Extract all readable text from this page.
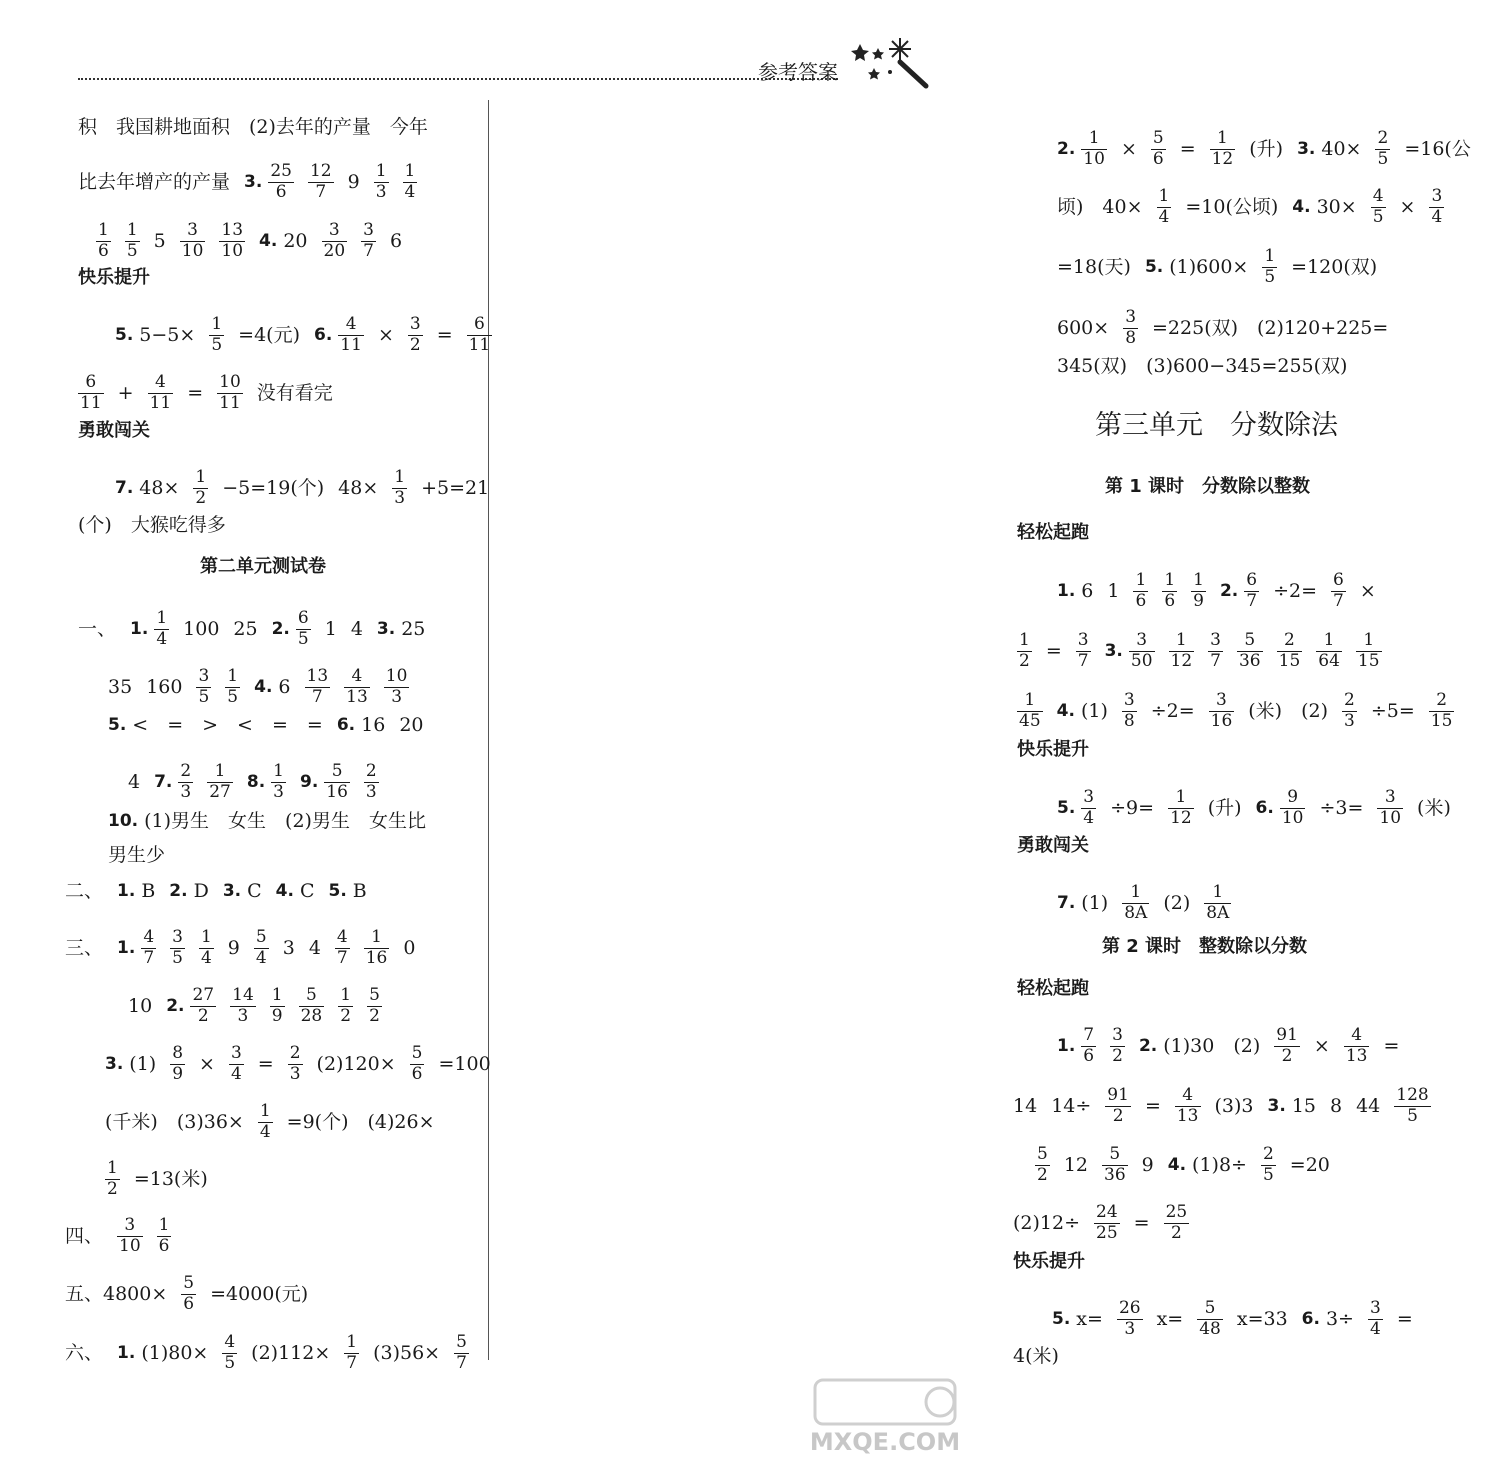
参考答案
积　我国耕地面积　(2)去年的产量　今年
比去年增产的产量 3. $\frac{25}{6} \frac{12}{7} 9 \frac{1}{3} \frac{1}{4}$
$\frac{1}{6} \frac{1}{5} 5 \frac{3}{10} \frac{13}{10} 4$. $20 \frac{3}{20} \frac{3}{7} 6$
快乐提升
5. $5-5\times \frac{1}{5} =4$(元) 6. $\frac{4}{11} \times \frac{3}{2} = \frac{6}{11}$
$\frac{6}{11} + \frac{4}{11} = \frac{10}{11}$ 没有看完
勇敢闯关
7. $48\times \frac{1}{2} -5=19$(个) $48\times \frac{1}{3} +5=21$
(个)　大猴吃得多
第二单元测试卷
一、 1. $\frac{1}{4} 100$ 25 2. $\frac{6}{5} 1$ 4 3. 25
35 $160 \frac{3}{5} \frac{1}{5} 4$. $6 \frac{13}{7} \frac{4}{13} \frac{10}{3}$
5. <　=　>　<　=　= 6. 16 20
4 7. $\frac{2}{3} \frac{1}{27} 8$. $\frac{1}{3} 9$. $\frac{5}{16} \frac{2}{3}$
10. (1)男生　女生　(2)男生　女生比
男生少
二、 1. B 2. D 3. C 4. C 5. B
三、 1. $\frac{4}{7} \frac{3}{5} \frac{1}{4} 9 \frac{5}{4} 3$ $4 \frac{4}{7} \frac{1}{16} 0$
10 2. $\frac{27}{2} \frac{14}{3} \frac{1}{9} \frac{5}{28} \frac{1}{2} \frac{5}{2}$
3. $(1) \frac{8}{9} \times \frac{3}{4} = \frac{2}{3} (2)120\times \frac{5}{6} =100$
(千米)　$(3)36\times \frac{1}{4} =9$(个)　(4)26×
$\frac{1}{2} =13$(米)
四、 $\frac{3}{10} \frac{1}{6}$
五、$4800\times \frac{5}{6} =4000$(元)
六、 1. $(1)80\times \frac{4}{5} (2)112\times \frac{1}{7} (3)56\times \frac{5}{7}$
2. $\frac{1}{10} \times \frac{5}{6} = \frac{1}{12}$ (升) 3. $40\times \frac{2}{5} =16$(公
顷)　$40\times \frac{1}{4} =10$(公顷) 4. $30\times \frac{4}{5} \times \frac{3}{4}$
=18(天) 5. $(1)600\times \frac{1}{5} =120$(双)
$600\times \frac{3}{8} =225$(双)　(2)120+225=
345(双)　(3)600−345=255(双)
第三单元　分数除法
第 1 课时　分数除以整数
轻松起跑
1. 6 $1 \frac{1}{6} \frac{1}{6} \frac{1}{9} 2$. $\frac{6}{7} \div 2= \frac{6}{7}$ ×
$\frac{1}{2} = \frac{3}{7} 3$. $\frac{3}{50} \frac{1}{12} \frac{3}{7} \frac{5}{36} \frac{2}{15} \frac{1}{64} \frac{1}{15}$
$\frac{1}{45} 4$. $(1) \frac{3}{8} \div 2= \frac{3}{16}$ (米)　$(2) \frac{2}{3} \div 5= \frac{2}{15}$
快乐提升
5. $\frac{3}{4} \div 9= \frac{1}{12}$ (升) 6. $\frac{9}{10} \div 3= \frac{3}{10}$ (米)
勇敢闯关
7. $(1) \frac{1}{8A} (2) \frac{1}{8A}$
第 2 课时　整数除以分数
轻松起跑
1. $\frac{7}{6} \frac{3}{2} 2$. (1)30　$(2) \frac{91}{2} \times \frac{4}{13}$ =
14 $14\div \frac{91}{2} = \frac{4}{13} (3)3$ 3. 15 8 $44 \frac{128}{5}$
$\frac{5}{2} 12 \frac{5}{36} 9$ 4. $(1)8\div \frac{2}{5} =20$
$(2)12\div \frac{24}{25} = \frac{25}{2}$
快乐提升
5. $x= \frac{26}{3} x= \frac{5}{48} x=33$ 6. $3\div \frac{3}{4}$ =
4(米)
MXQE.COM
